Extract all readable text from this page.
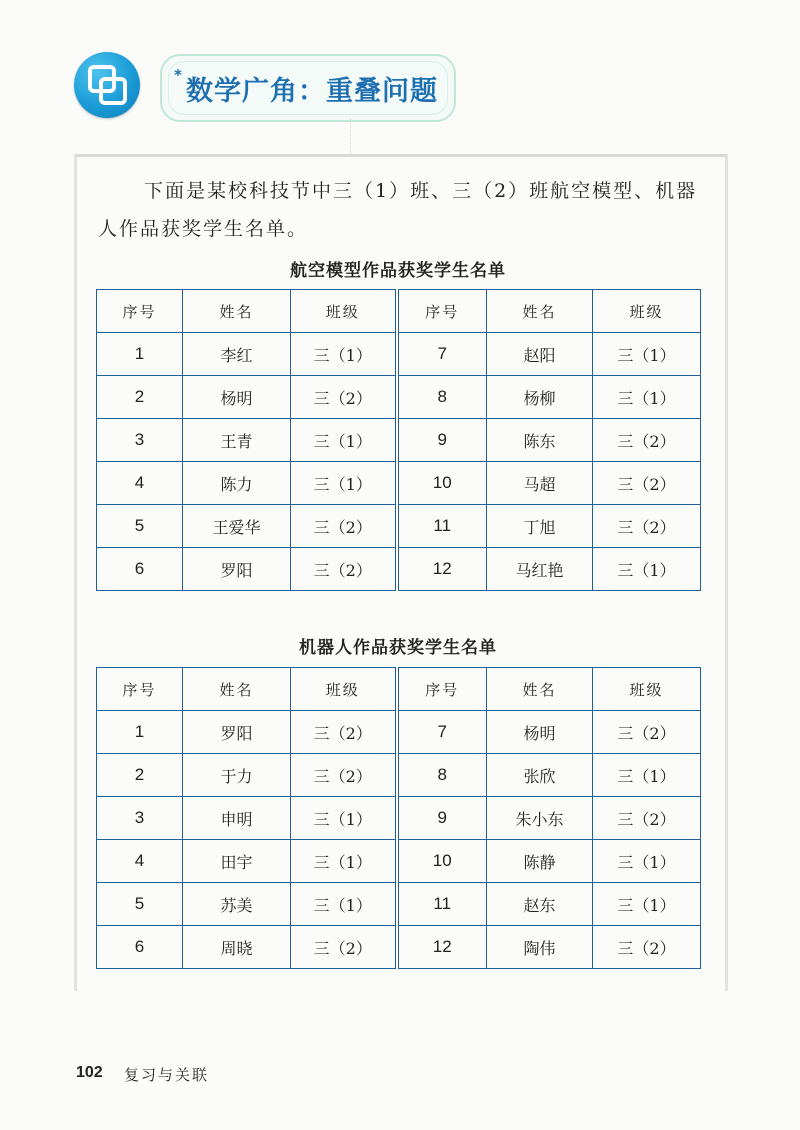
*
数学广角：重叠问题

下面是某校科技节中三（1）班、三（2）班航空模型、机器人作品获奖学生名单。

航空模型作品获奖学生名单
序号	姓名	班级	序号	姓名	班级
1	李红	三（1）	7	赵阳	三（1）
2	杨明	三（2）	8	杨柳	三（1）
3	王青	三（1）	9	陈东	三（2）
4	陈力	三（1）	10	马超	三（2）
5	王爱华	三（2）	11	丁旭	三（2）
6	罗阳	三（2）	12	马红艳	三（1）
机器人作品获奖学生名单
序号	姓名	班级	序号	姓名	班级
1	罗阳	三（2）	7	杨明	三（2）
2	于力	三（2）	8	张欣	三（1）
3	申明	三（1）	9	朱小东	三（2）
4	田宇	三（1）	10	陈静	三（1）
5	苏美	三（1）	11	赵东	三（1）
6	周晓	三（2）	12	陶伟	三（2）
102 复习与关联
